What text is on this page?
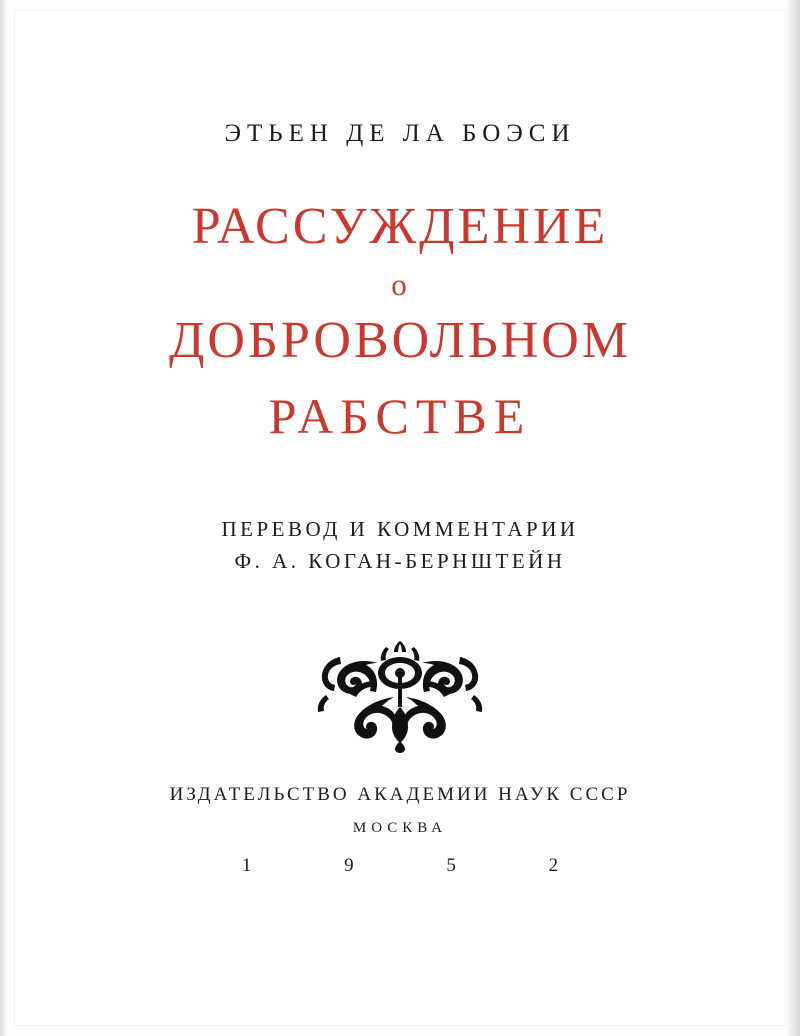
ЭТЬЕН ДЕ ЛА БОЭСИ
РАССУЖДЕНИЕ
о
ДОБРОВОЛЬНОМ
РАБСТВЕ
ПЕРЕВОД И КОММЕНТАРИИ
Ф. А. КОГАН-БЕРНШТЕЙН
ИЗДАТЕЛЬСТВО АКАДЕМИИ НАУК СССР
МОСКВА
1 9 5 2
